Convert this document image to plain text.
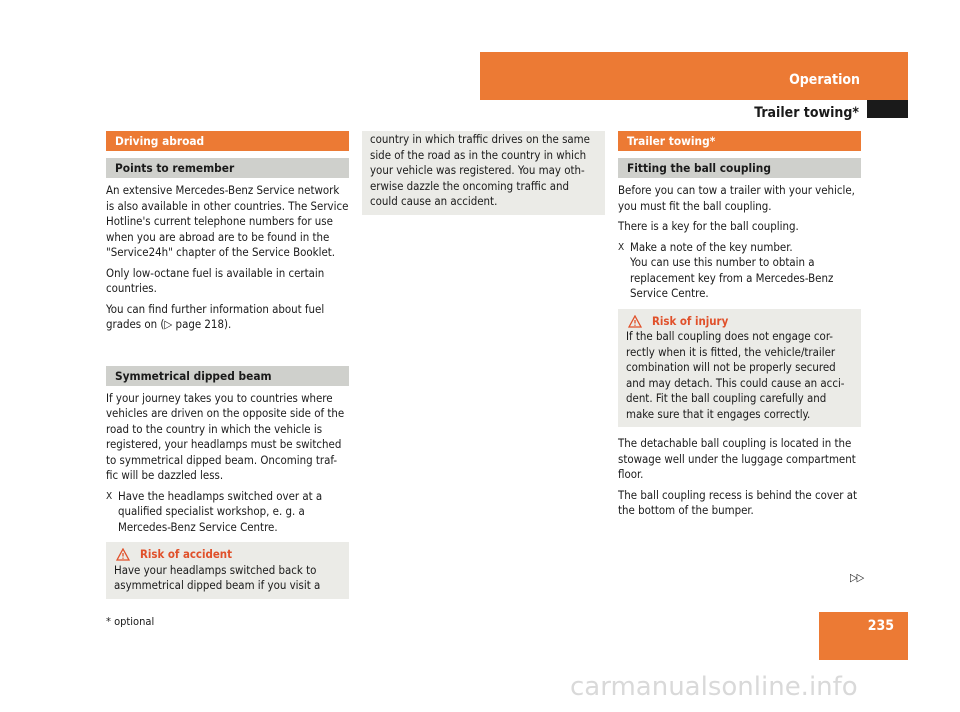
Operation
Trailer towing*
Driving abroad
Points to remember

An extensive Mercedes-Benz Service network is also available in other countries. The Service Hotline's current telephone numbers for use when you are abroad are to be found in the "Service24h" chapter of the Service Booklet.

Only low-octane fuel is available in certain countries.

You can find further information about fuel grades on (▷ page 218).

Symmetrical dipped beam

If your journey takes you to countries where vehicles are driven on the opposite side of the road to the country in which the vehicle is registered, your headlamps must be switched to symmetrical dipped beam. Oncoming traf-fic will be dazzled less.

X Have the headlamps switched over at a qualified specialist workshop, e. g. a Mercedes-Benz Service Centre.
Risk of accident
Have your headlamps switched back to asymmetrical dipped beam if you visit a
country in which traffic drives on the same side of the road as in the country in which your vehicle was registered. You may oth-erwise dazzle the oncoming traffic and could cause an accident.
Trailer towing*
Fitting the ball coupling

Before you can tow a trailer with your vehicle, you must fit the ball coupling.

There is a key for the ball coupling.

X Make a note of the key number.
You can use this number to obtain a replacement key from a Mercedes-Benz Service Centre.
Risk of injury
If the ball coupling does not engage cor-rectly when it is fitted, the vehicle/trailer combination will not be properly secured and may detach. This could cause an acci-dent. Fit the ball coupling carefully and make sure that it engages correctly.

The detachable ball coupling is located in the stowage well under the luggage compartment floor.

The ball coupling recess is behind the cover at the bottom of the bumper.

▷▷
235
* optional
carmanualsonline.info
